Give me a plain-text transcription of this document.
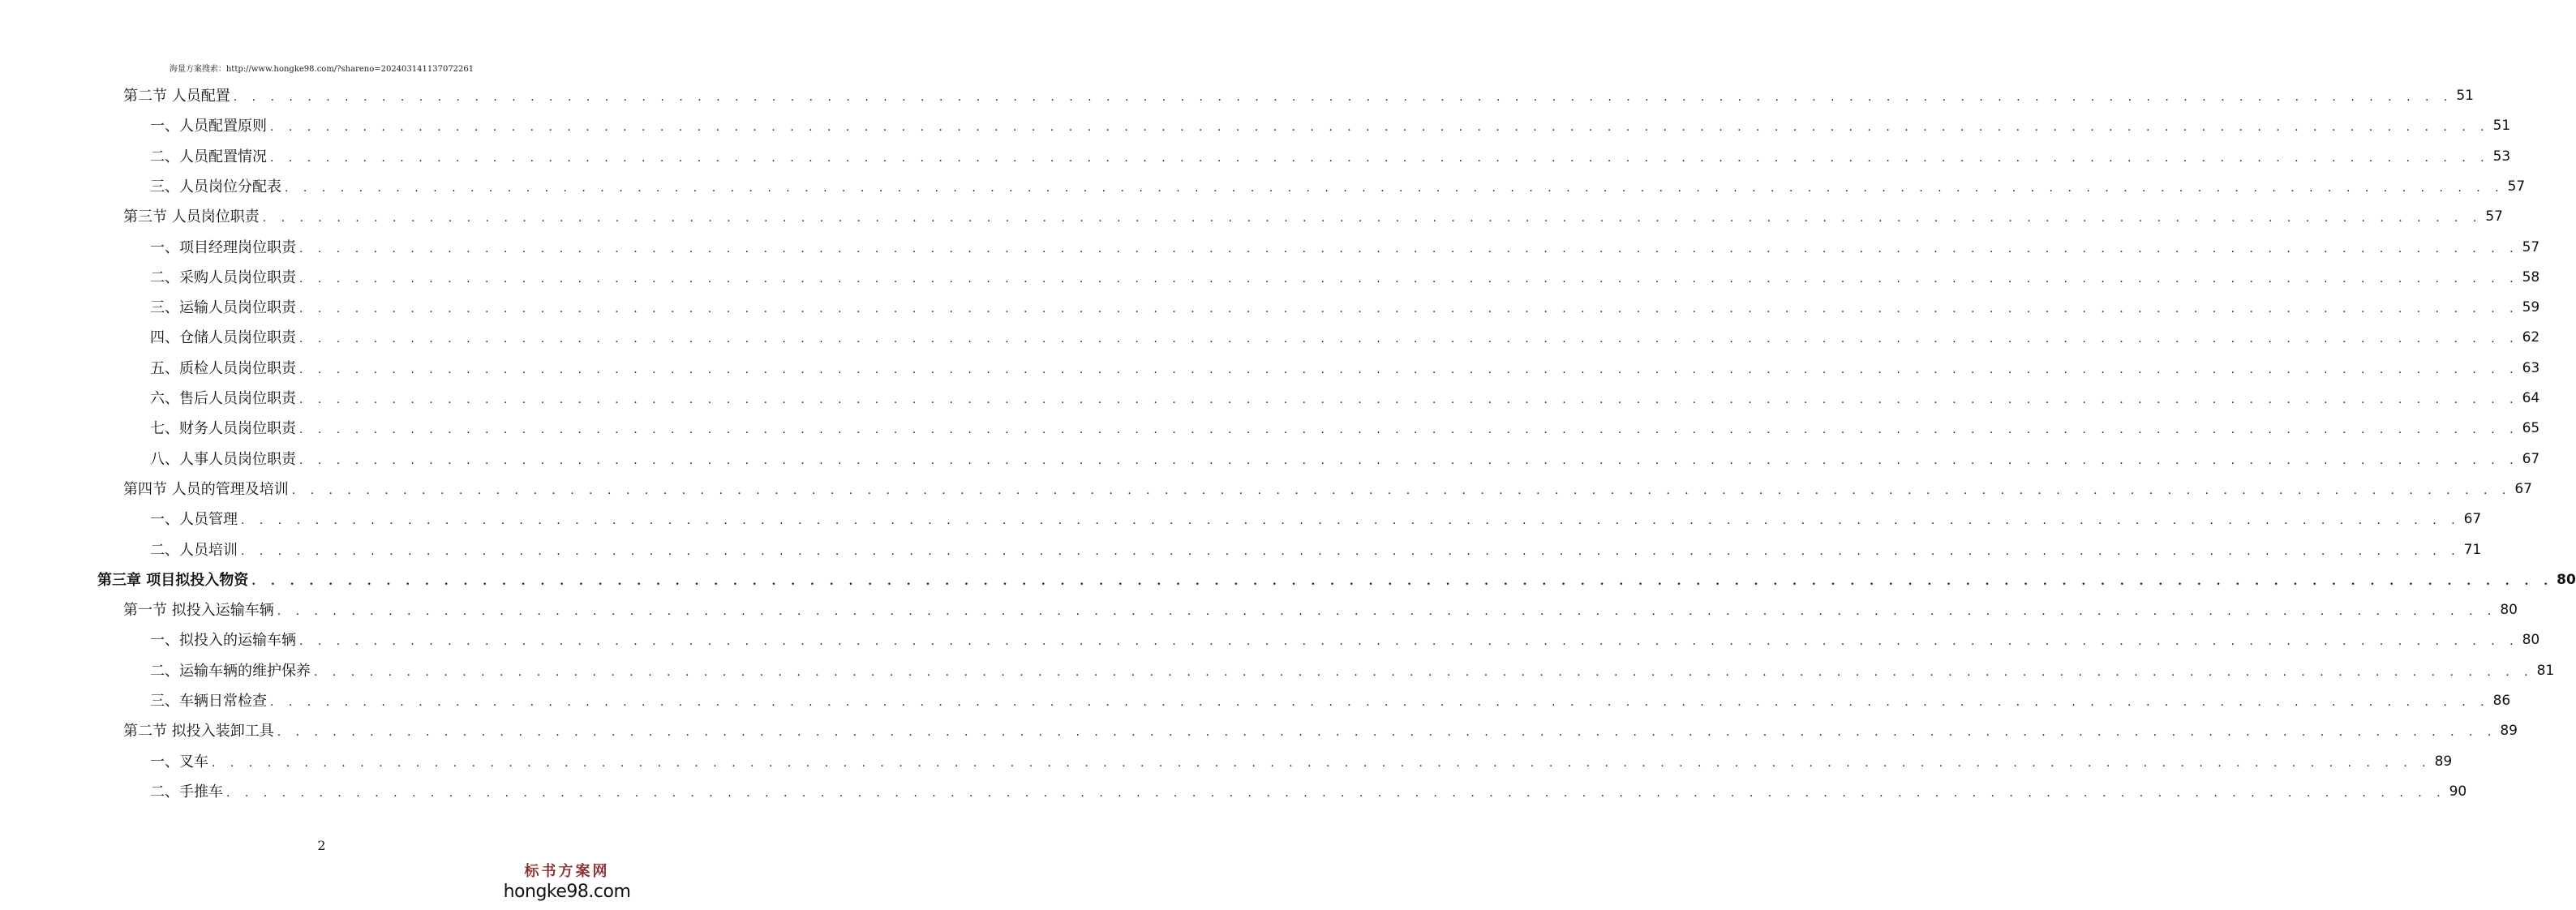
海量方案搜索：http://www.hongke98.com/?shareno=202403141137072261
第二节 人员配置 . . . . . . . . . . . . . . . . . . . . . . . . . . . . . . . . . . . . . . . . . . . . . . . . . . . . . . . . . . . . . . . . . . . . . . . . . . . . . . . . . . . . . . . . . . . . . . . . . . . . . . . . . . . . . . . . . . . . . . . . 51
一、人员配置原则 . . . . . . . . . . . . . . . . . . . . . . . . . . . . . . . . . . . . . . . . . . . . . . . . . . . . . . . . . . . . . . . . . . . . . . . . . . . . . . . . . . . . . . . . . . . . . . . . . . . . . . . . . . . . . . . . . . . . . . . . 51
二、人员配置情况 . . . . . . . . . . . . . . . . . . . . . . . . . . . . . . . . . . . . . . . . . . . . . . . . . . . . . . . . . . . . . . . . . . . . . . . . . . . . . . . . . . . . . . . . . . . . . . . . . . . . . . . . . . . . . . . . . . . . . . . . 53
三、人员岗位分配表 . . . . . . . . . . . . . . . . . . . . . . . . . . . . . . . . . . . . . . . . . . . . . . . . . . . . . . . . . . . . . . . . . . . . . . . . . . . . . . . . . . . . . . . . . . . . . . . . . . . . . . . . . . . . . . . . . . . . . . . . 57
第三节 人员岗位职责 . . . . . . . . . . . . . . . . . . . . . . . . . . . . . . . . . . . . . . . . . . . . . . . . . . . . . . . . . . . . . . . . . . . . . . . . . . . . . . . . . . . . . . . . . . . . . . . . . . . . . . . . . . . . . . . . . . . . . . . . 57
一、项目经理岗位职责 . . . . . . . . . . . . . . . . . . . . . . . . . . . . . . . . . . . . . . . . . . . . . . . . . . . . . . . . . . . . . . . . . . . . . . . . . . . . . . . . . . . . . . . . . . . . . . . . . . . . . . . . . . . . . . . . . . . . . . . . 57
二、采购人员岗位职责 . . . . . . . . . . . . . . . . . . . . . . . . . . . . . . . . . . . . . . . . . . . . . . . . . . . . . . . . . . . . . . . . . . . . . . . . . . . . . . . . . . . . . . . . . . . . . . . . . . . . . . . . . . . . . . . . . . . . . . . . 58
三、运输人员岗位职责 . . . . . . . . . . . . . . . . . . . . . . . . . . . . . . . . . . . . . . . . . . . . . . . . . . . . . . . . . . . . . . . . . . . . . . . . . . . . . . . . . . . . . . . . . . . . . . . . . . . . . . . . . . . . . . . . . . . . . . . . 59
四、仓储人员岗位职责 . . . . . . . . . . . . . . . . . . . . . . . . . . . . . . . . . . . . . . . . . . . . . . . . . . . . . . . . . . . . . . . . . . . . . . . . . . . . . . . . . . . . . . . . . . . . . . . . . . . . . . . . . . . . . . . . . . . . . . . . 62
五、质检人员岗位职责 . . . . . . . . . . . . . . . . . . . . . . . . . . . . . . . . . . . . . . . . . . . . . . . . . . . . . . . . . . . . . . . . . . . . . . . . . . . . . . . . . . . . . . . . . . . . . . . . . . . . . . . . . . . . . . . . . . . . . . . . 63
六、售后人员岗位职责 . . . . . . . . . . . . . . . . . . . . . . . . . . . . . . . . . . . . . . . . . . . . . . . . . . . . . . . . . . . . . . . . . . . . . . . . . . . . . . . . . . . . . . . . . . . . . . . . . . . . . . . . . . . . . . . . . . . . . . . . 64
七、财务人员岗位职责 . . . . . . . . . . . . . . . . . . . . . . . . . . . . . . . . . . . . . . . . . . . . . . . . . . . . . . . . . . . . . . . . . . . . . . . . . . . . . . . . . . . . . . . . . . . . . . . . . . . . . . . . . . . . . . . . . . . . . . . . 65
八、人事人员岗位职责 . . . . . . . . . . . . . . . . . . . . . . . . . . . . . . . . . . . . . . . . . . . . . . . . . . . . . . . . . . . . . . . . . . . . . . . . . . . . . . . . . . . . . . . . . . . . . . . . . . . . . . . . . . . . . . . . . . . . . . . . 67
第四节 人员的管理及培训 . . . . . . . . . . . . . . . . . . . . . . . . . . . . . . . . . . . . . . . . . . . . . . . . . . . . . . . . . . . . . . . . . . . . . . . . . . . . . . . . . . . . . . . . . . . . . . . . . . . . . . . . . . . . . . . . . . . . . . . . 67
一、人员管理 . . . . . . . . . . . . . . . . . . . . . . . . . . . . . . . . . . . . . . . . . . . . . . . . . . . . . . . . . . . . . . . . . . . . . . . . . . . . . . . . . . . . . . . . . . . . . . . . . . . . . . . . . . . . . . . . . . . . . . . . 67
二、人员培训 . . . . . . . . . . . . . . . . . . . . . . . . . . . . . . . . . . . . . . . . . . . . . . . . . . . . . . . . . . . . . . . . . . . . . . . . . . . . . . . . . . . . . . . . . . . . . . . . . . . . . . . . . . . . . . . . . . . . . . . . 71
第三章 项目拟投入物资 . . . . . . . . . . . . . . . . . . . . . . . . . . . . . . . . . . . . . . . . . . . . . . . . . . . . . . . . . . . . . . . . . . . . . . . . . . . . . . . . . . . . . . . . . . . . . . . . . . . . . . . . . . . . . . . . . . . . . . . . 80
第一节 拟投入运输车辆 . . . . . . . . . . . . . . . . . . . . . . . . . . . . . . . . . . . . . . . . . . . . . . . . . . . . . . . . . . . . . . . . . . . . . . . . . . . . . . . . . . . . . . . . . . . . . . . . . . . . . . . . . . . . . . . . . . . . . . . . 80
一、拟投入的运输车辆 . . . . . . . . . . . . . . . . . . . . . . . . . . . . . . . . . . . . . . . . . . . . . . . . . . . . . . . . . . . . . . . . . . . . . . . . . . . . . . . . . . . . . . . . . . . . . . . . . . . . . . . . . . . . . . . . . . . . . . . . 80
二、运输车辆的维护保养 . . . . . . . . . . . . . . . . . . . . . . . . . . . . . . . . . . . . . . . . . . . . . . . . . . . . . . . . . . . . . . . . . . . . . . . . . . . . . . . . . . . . . . . . . . . . . . . . . . . . . . . . . . . . . . . . . . . . . . . . 81
三、车辆日常检查 . . . . . . . . . . . . . . . . . . . . . . . . . . . . . . . . . . . . . . . . . . . . . . . . . . . . . . . . . . . . . . . . . . . . . . . . . . . . . . . . . . . . . . . . . . . . . . . . . . . . . . . . . . . . . . . . . . . . . . . . 86
第二节 拟投入装卸工具 . . . . . . . . . . . . . . . . . . . . . . . . . . . . . . . . . . . . . . . . . . . . . . . . . . . . . . . . . . . . . . . . . . . . . . . . . . . . . . . . . . . . . . . . . . . . . . . . . . . . . . . . . . . . . . . . . . . . . . . . 89
一、叉车 . . . . . . . . . . . . . . . . . . . . . . . . . . . . . . . . . . . . . . . . . . . . . . . . . . . . . . . . . . . . . . . . . . . . . . . . . . . . . . . . . . . . . . . . . . . . . . . . . . . . . . . . . . . . . . . . . . . . . . . . 89
二、手推车 . . . . . . . . . . . . . . . . . . . . . . . . . . . . . . . . . . . . . . . . . . . . . . . . . . . . . . . . . . . . . . . . . . . . . . . . . . . . . . . . . . . . . . . . . . . . . . . . . . . . . . . . . . . . . . . . . . . . . . . . 90
2
标书方案网
hongke98.com
